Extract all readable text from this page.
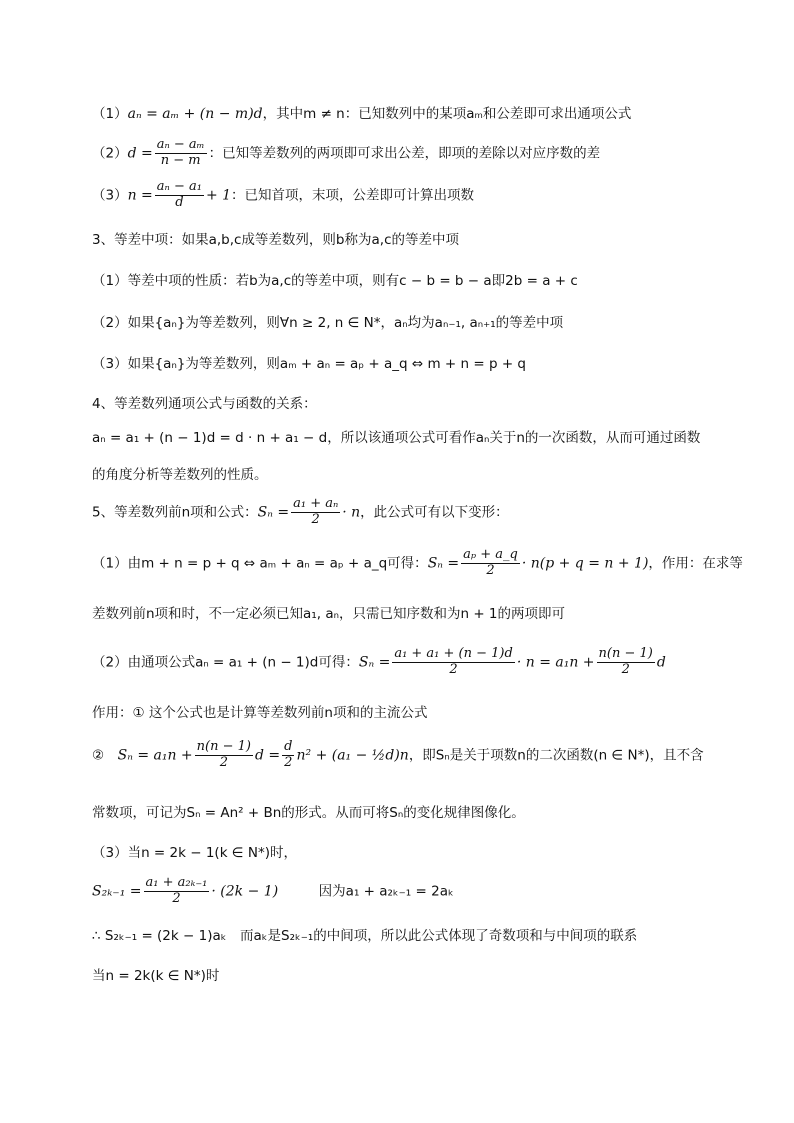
（1）aₙ = aₘ + (n − m)d，其中m ≠ n：已知数列中的某项aₘ和公差即可求出通项公式
$(2)d = \frac{\text{aₙ − aₘ}}{n - m}$ ：已知等差数列的两项即可求出公差，即项的差除以对应序数的差
$(3)n = \frac{\text{aₙ − a₁}}{d} + 1$：已知首项，末项，公差即可计算出项数
3、等差中项：如果a,b,c成等差数列，则b称为a,c的等差中项
（1）等差中项的性质：若b为a,c的等差中项，则有c − b = b − a即2b = a + c
（2）如果{aₙ}为等差数列，则∀n ≥ 2, n ∈ N*，aₙ均为aₙ₋₁, aₙ₊₁的等差中项
（3）如果{aₙ}为等差数列，则aₘ + aₙ = aₚ + a_q ⇔ m + n = p + q
4、等差数列通项公式与函数的关系：
aₙ = a₁ + (n − 1)d = d · n + a₁ − d，所以该通项公式可看作aₙ关于n的一次函数，从而可通过函数
的角度分析等差数列的性质。
5、等差数列前n项和公式：$S_n = \frac{\text{a₁ + aₙ}}{2} \cdot n$，此公式可有以下变形：
（1）由m + n = p + q ⇔ aₘ + aₙ = aₚ + a_q可得：$S_n = \frac{\text{aₚ + a\_q}}{2} \cdot n(p + q = n + 1)$，作用：在求等
差数列前n项和时，不一定必须已知a₁, aₙ，只需已知序数和为n + 1的两项即可
（2）由通项公式aₙ = a₁ + (n − 1)d可得：$S_n = \frac{\text{a₁ + a₁ + (n − 1)d}}{2} \cdot n = a_1n + \frac{n(n - 1)}{2}$ d
作用：① 这个公式也是计算等差数列前n项和的主流公式
②　 $S_n = a_1n + \frac{n(n - 1)}{2}$ $d = \frac{d}{2} n^2 + (a_1$ − ½d)n，即Sₙ是关于项数n的二次函数(n ∈ N*)，且不含
常数项，可记为Sₙ = An² + Bn的形式。从而可将Sₙ的变化规律图像化。
（3）当n = 2k − 1(k ∈ N*)时，
$S_{2k-1} = \frac{\text{a₁ + a₂ₖ₋₁}}{2} \cdot (2k - 1)$　　　	因为a₁ + a₂ₖ₋₁ = 2aₖ
∴ S₂ₖ₋₁ = (2k − 1)aₖ　而aₖ是S₂ₖ₋₁的中间项，所以此公式体现了奇数项和与中间项的联系
当n = 2k(k ∈ N*)时
